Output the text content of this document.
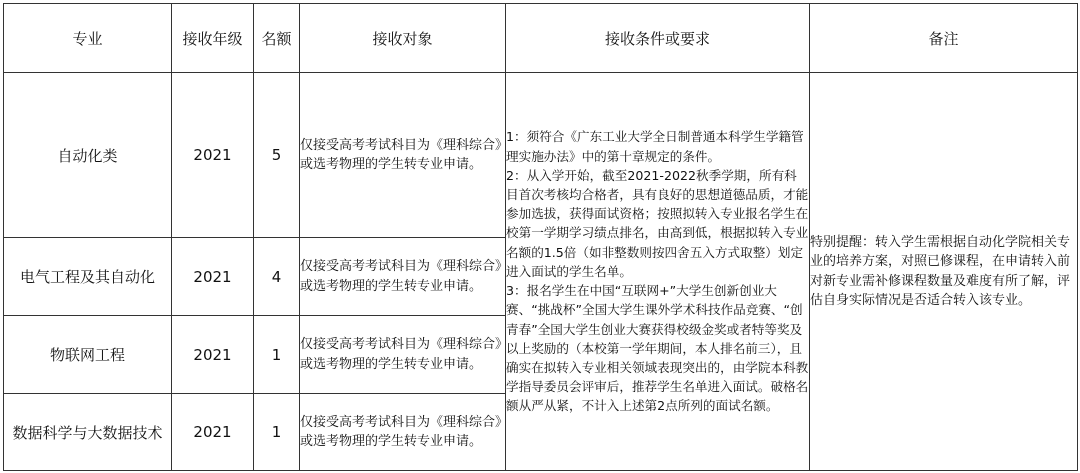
专业	接收年级	名额	接收对象	接收条件或要求	备注
自动化类	2021	5	仅接受高考考试科目为《理科综合》或选考物理的学生转专业申请。	1：须符合《广东工业大学全日制普通本科学生学籍管理实施办法》中的第十章规定的条件。
2：从入学开始，截至2021-2022秋季学期，所有科目首次考核均合格者，具有良好的思想道德品质，才能参加选拔，获得面试资格；按照拟转入专业报名学生在校第一学期学习绩点排名，由高到低，根据拟转入专业名额的1.5倍（如非整数则按四舍五入方式取整）划定进入面试的学生名单。
3：报名学生在中国“互联网+”大学生创新创业大赛、“挑战杯”全国大学生课外学术科技作品竞赛、“创青春”全国大学生创业大赛获得校级金奖或者特等奖及以上奖励的（本校第一学年期间，本人排名前三），且确实在拟转入专业相关领域表现突出的，由学院本科教学指导委员会评审后，推荐学生名单进入面试。破格名额从严从紧，不计入上述第2点所列的面试名额。	特别提醒：转入学生需根据自动化学院相关专业的培养方案，对照已修课程，在申请转入前对新专业需补修课程数量及难度有所了解，评估自身实际情况是否适合转入该专业。
电气工程及其自动化	2021	4	仅接受高考考试科目为《理科综合》或选考物理的学生转专业申请。		
物联网工程	2021	1	仅接受高考考试科目为《理科综合》或选考物理的学生转专业申请。		
数据科学与大数据技术	2021	1	仅接受高考考试科目为《理科综合》或选考物理的学生转专业申请。		
